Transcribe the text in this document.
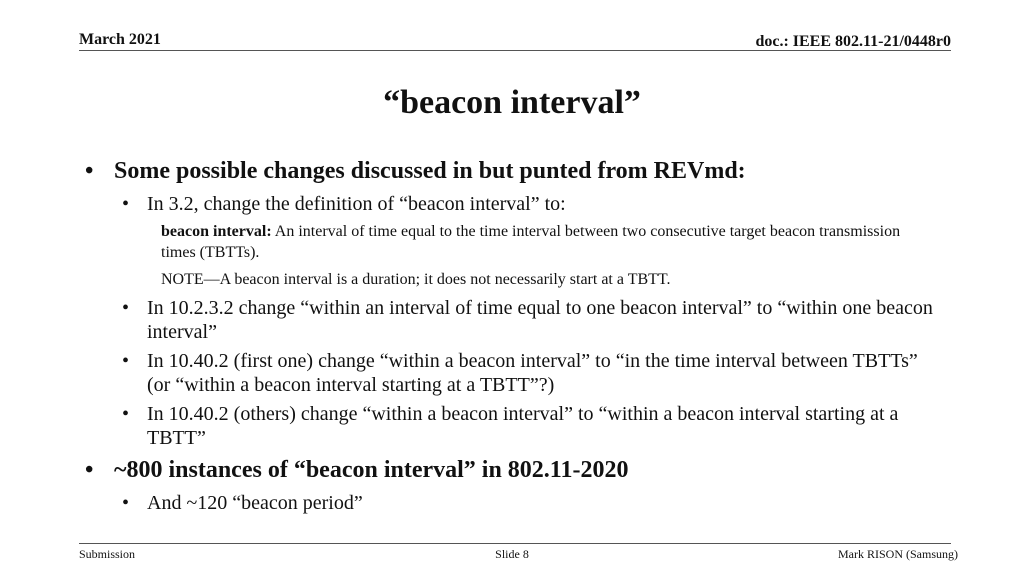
March 2021	doc.: IEEE 802.11-21/0448r0
“beacon interval”
• Some possible changes discussed in but punted from REVmd:
• In 3.2, change the definition of “beacon interval” to:
beacon interval: An interval of time equal to the time interval between two consecutive target beacon transmission times (TBTTs).
NOTE—A beacon interval is a duration; it does not necessarily start at a TBTT.
• In 10.2.3.2 change “within an interval of time equal to one beacon interval” to “within one beacon interval”
• In 10.40.2 (first one) change “within a beacon interval” to “in the time interval between TBTTs” (or “within a beacon interval starting at a TBTT”?)
• In 10.40.2 (others) change “within a beacon interval” to “within a beacon interval starting at a TBTT”
• ~800 instances of “beacon interval” in 802.11-2020
• And ~120 “beacon period”
Submission	Slide 8	Mark RISON (Samsung)
